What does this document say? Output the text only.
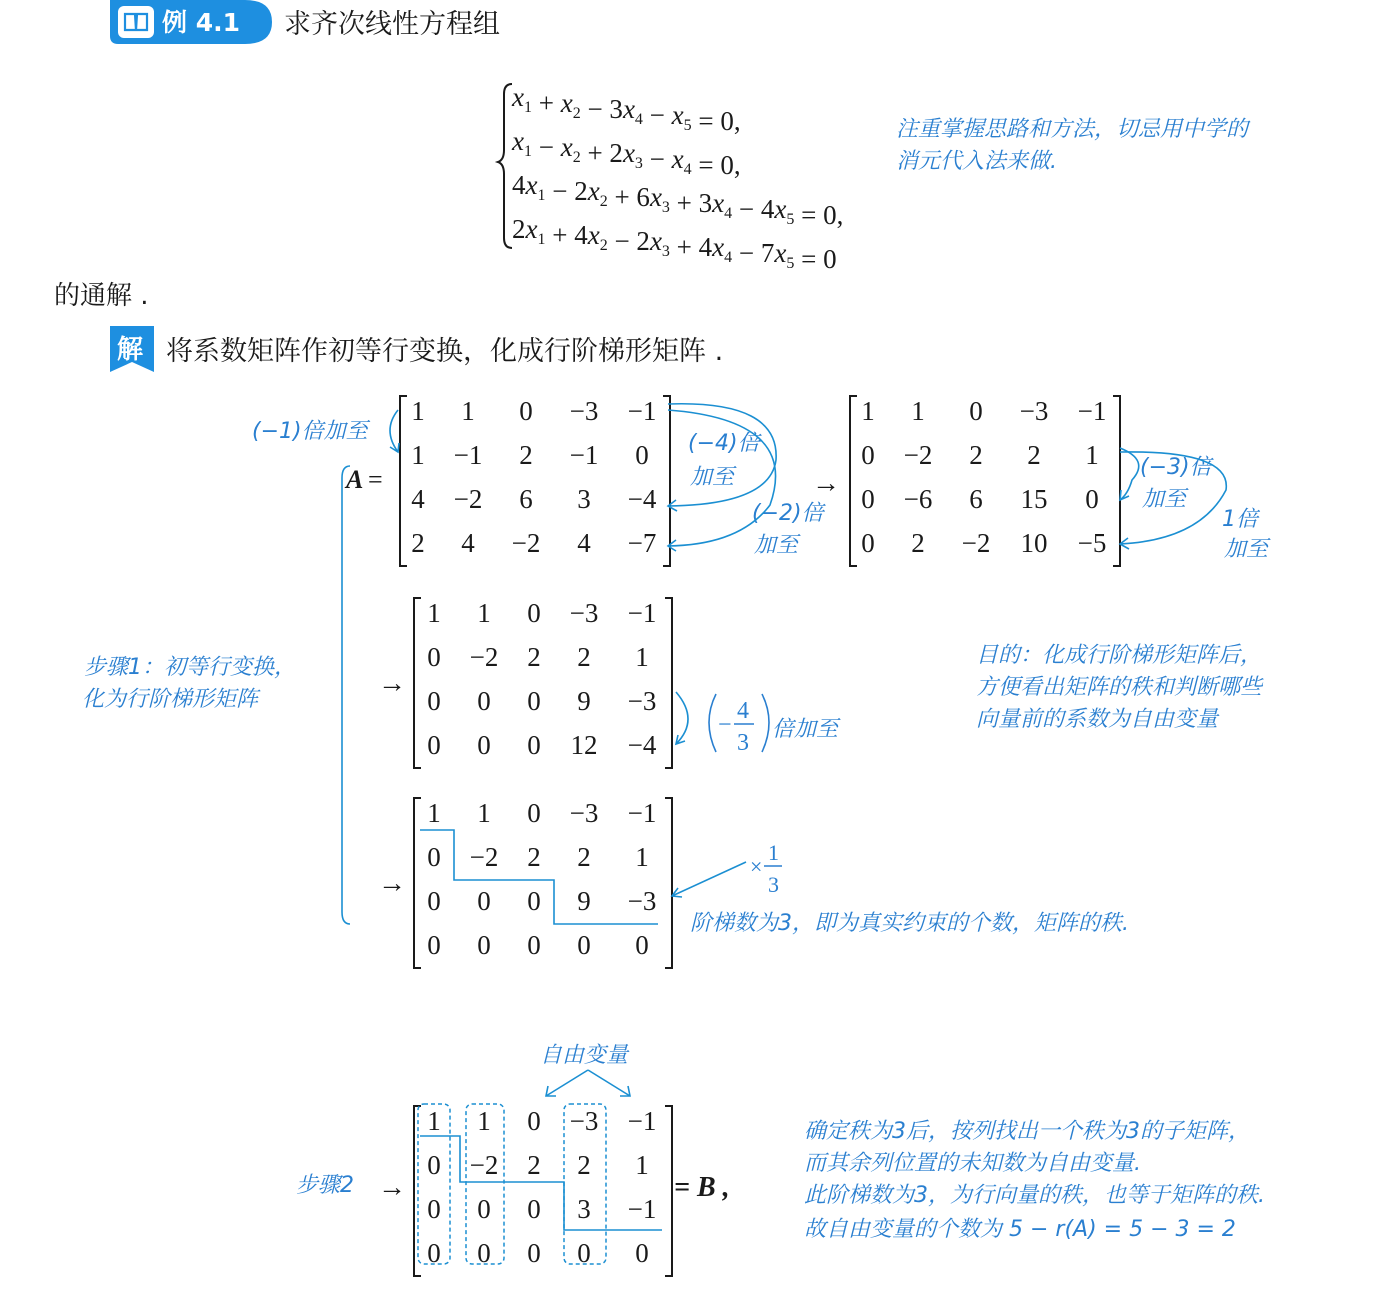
例 4.1 求齐次线性方程组
$x_1 + x_2 - 3x_4 - x_5 = 0$,
$x_1 - x_2 + 2x_3 - x_4 = 0$,
$4x_1 - 2x_2 + 6x_3 + 3x_4 - 4x_5 = 0$,
$2x_1 + 4x_2 - 2x_3 + 4x_4 - 7x_5 = 0$
注重掌握思路和方法，切忌用中学的
消元代入法来做.
的通解 .
解 将系数矩阵作初等行变换，化成行阶梯形矩阵 .
A =
1 1 0 −3 −1
1 −1 2 −1 0
4 −2 6 3 −4
2 4 −2 4 −7
1 1 0 −3 −1
0 −2 2 2 1
0 −6 6 15 0
0 2 −2 10 −5
1 1 0 −3 −1
0 −2 2 2 1
0 0 0 9 −3
0 0 0 12 −4
1 1 0 −3 −1
0 −2 2 2 1
0 0 0 9 −3
0 0 0 0 0
1 1 0 −3 −1
0 −2 2 2 1
0 0 0 3 −1
0 0 0 0 0
→
→
→
→	= B ,
(−1)倍加至	(−4)倍
加至
(−2)倍
加至
(−3)倍
加至
1倍
加至
步骤1：初等行变换，
化为行阶梯形矩阵
目的：化成行阶梯形矩阵后，
方便看出矩阵的秩和判断哪些
向量前的系数为自由变量
倍加至
阶梯数为3，即为真实约束的个数，矩阵的秩.
自由变量
步骤2
确定秩为3后，按列找出一个秩为3的子矩阵，
而其余列位置的未知数为自由变量.
此阶梯数为3，为行向量的秩，也等于矩阵的秩.
故自由变量的个数为 5 − r(A) = 5 − 3 = 2
−
4
3
×
1
3
